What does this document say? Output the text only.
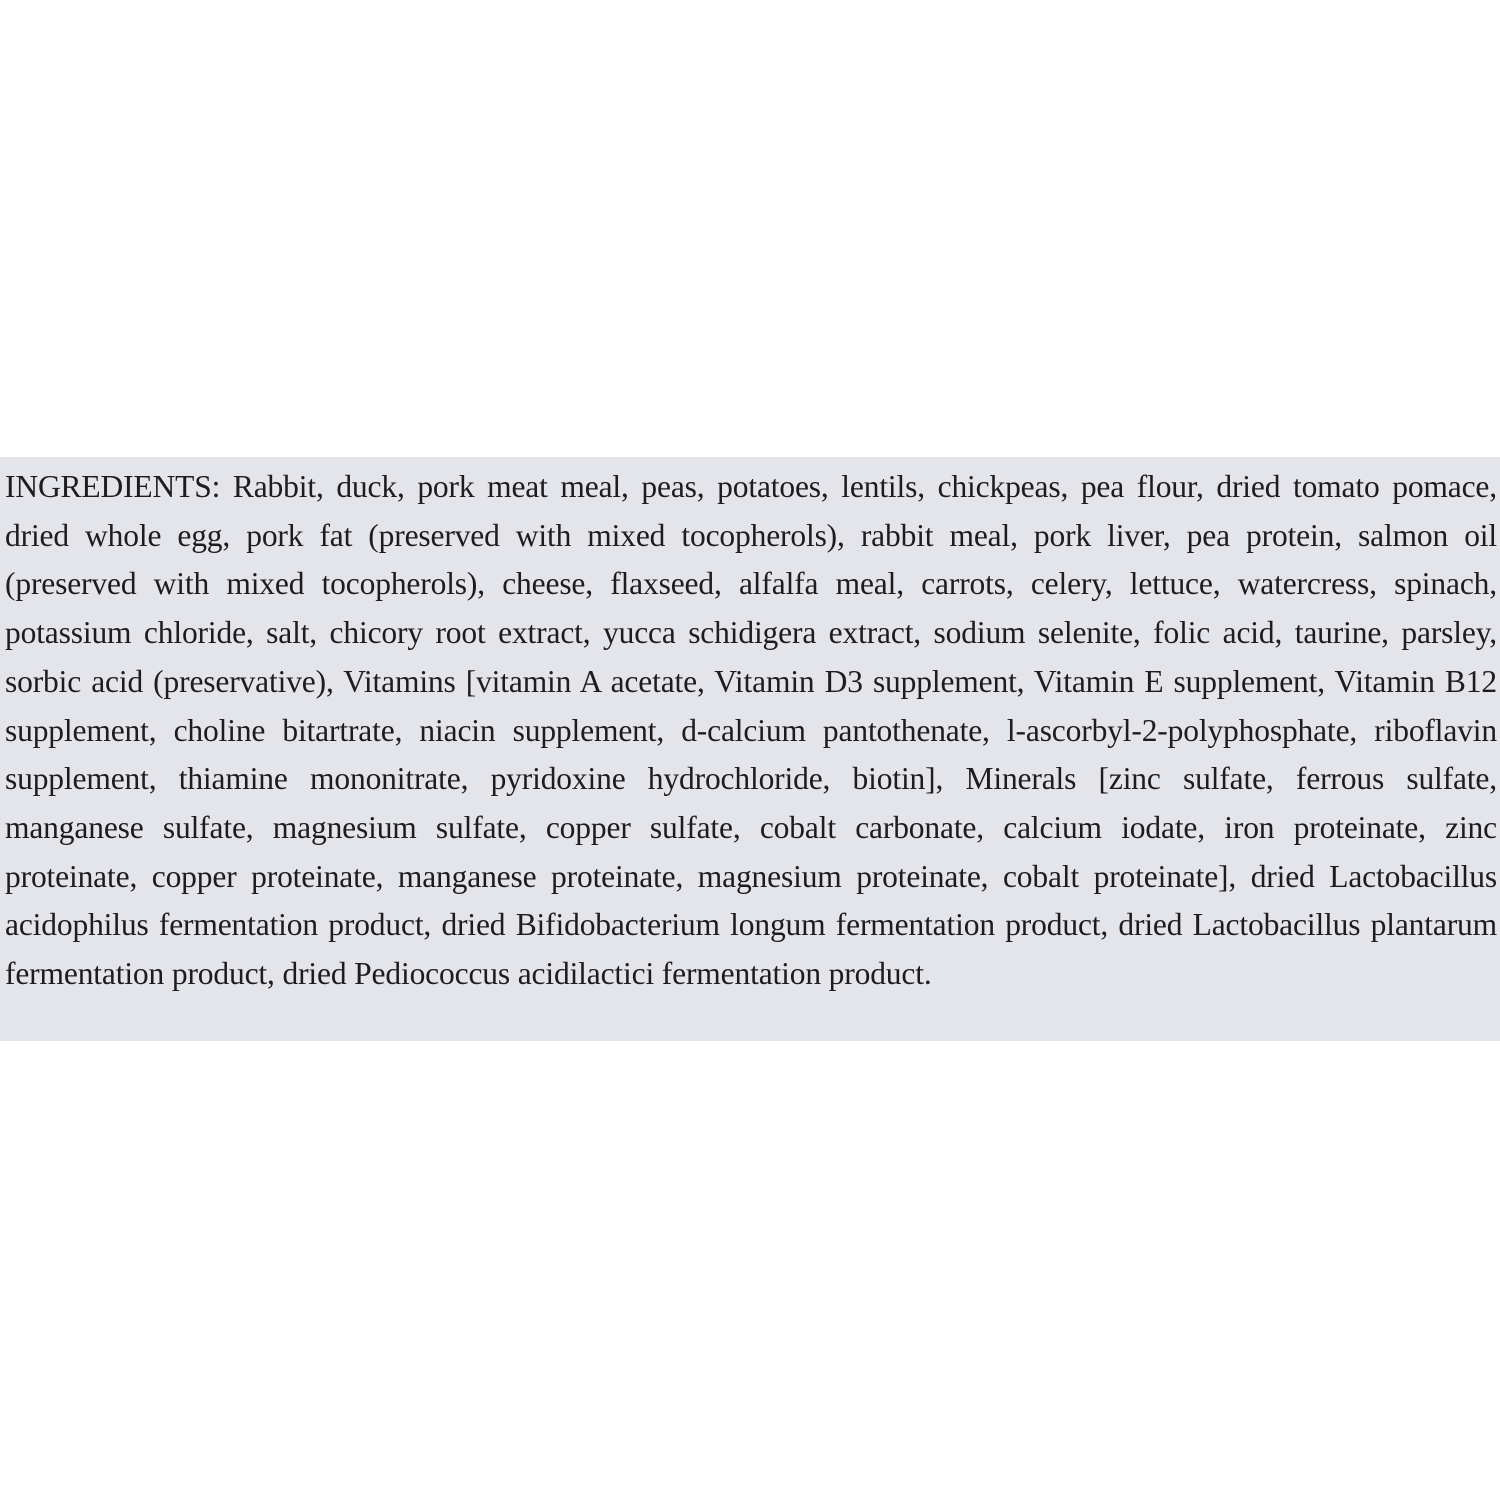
INGREDIENTS: Rabbit, duck, pork meat meal, peas, potatoes, lentils, chickpeas, pea flour, dried tomato pomace, dried whole egg, pork fat (preserved with mixed tocopherols), rabbit meal, pork liver, pea protein, salmon oil (preserved with mixed tocopherols), cheese, flaxseed, alfalfa meal, carrots, celery, lettuce, watercress, spinach, potassium chloride, salt, chicory root extract, yucca schidigera extract, sodium selenite, folic acid, taurine, parsley, sorbic acid (preservative), Vitamins [vitamin A acetate, Vitamin D3 supplement, Vitamin E supplement, Vitamin B12 supplement, choline bitartrate, niacin supplement, d-calcium pantothenate, l-ascorbyl-2-polyphosphate, riboflavin supplement, thiamine mononitrate, pyridoxine hydrochloride, biotin], Minerals [zinc sulfate, ferrous sulfate, manganese sulfate, magnesium sulfate, copper sulfate, cobalt carbonate, calcium iodate, iron proteinate, zinc proteinate, copper proteinate, manganese proteinate, magnesium proteinate, cobalt proteinate], dried Lactobacillus acidophilus fermentation product, dried Bifidobacterium longum fermentation product, dried Lactobacillus plantarum fermentation product, dried Pediococcus acidilactici fermentation product.
